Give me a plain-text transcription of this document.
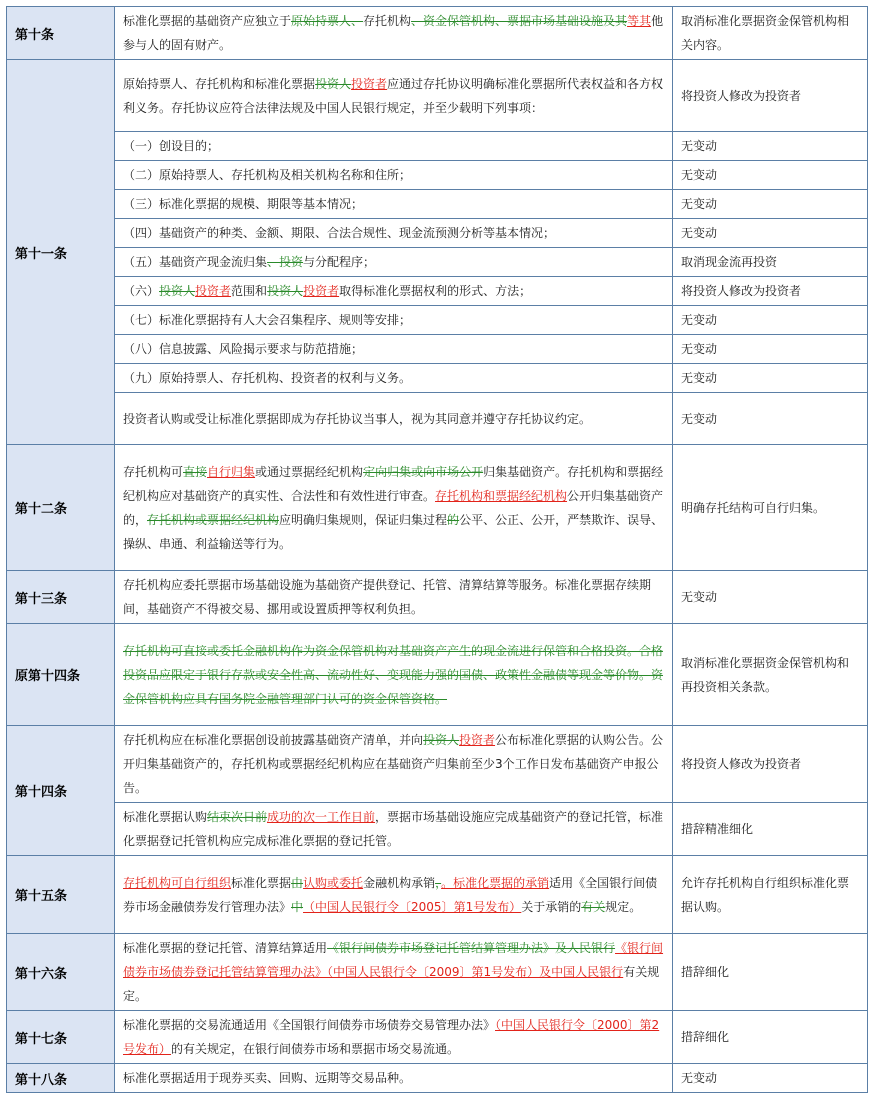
第十条	标准化票据的基础资产应独立于原始持票人、存托机构、资金保管机构、票据市场基础设施及其等其他参与人的固有财产。	取消标准化票据资金保管机构相关内容。
第十一条	原始持票人、存托机构和标准化票据投资人投资者应通过存托协议明确标准化票据所代表权益和各方权利义务。存托协议应符合法律法规及中国人民银行规定，并至少载明下列事项：	将投资人修改为投资者
	（一）创设目的；	无变动
	（二）原始持票人、存托机构及相关机构名称和住所；	无变动
	（三）标准化票据的规模、期限等基本情况；	无变动
	（四）基础资产的种类、金额、期限、合法合规性、现金流预测分析等基本情况；	无变动
	（五）基础资产现金流归集、投资与分配程序；	取消现金流再投资
	（六）投资人投资者范围和投资人投资者取得标准化票据权利的形式、方法；	将投资人修改为投资者
	（七）标准化票据持有人大会召集程序、规则等安排；	无变动
	（八）信息披露、风险揭示要求与防范措施；	无变动
	（九）原始持票人、存托机构、投资者的权利与义务。	无变动
	投资者认购或受让标准化票据即成为存托协议当事人，视为其同意并遵守存托协议约定。	无变动
第十二条	存托机构可直接自行归集或通过票据经纪机构定向归集或向市场公开归集基础资产。存托机构和票据经纪机构应对基础资产的真实性、合法性和有效性进行审查。存托机构和票据经纪机构公开归集基础资产的，存托机构或票据经纪机构应明确归集规则，保证归集过程的公平、公正、公开，严禁欺诈、误导、操纵、串通、利益输送等行为。	明确存托结构可自行归集。
第十三条	存托机构应委托票据市场基础设施为基础资产提供登记、托管、清算结算等服务。标准化票据存续期间，基础资产不得被交易、挪用或设置质押等权利负担。	无变动
原第十四条	存托机构可直接或委托金融机构作为资金保管机构对基础资产产生的现金流进行保管和合格投资。合格投资品应限定于银行存款或安全性高、流动性好、变现能力强的国债、政策性金融债等现金等价物。资金保管机构应具有国务院金融管理部门认可的资金保管资格。	取消标准化票据资金保管机构和再投资相关条款。
第十四条	存托机构应在标准化票据创设前披露基础资产清单，并向投资人投资者公布标准化票据的认购公告。公开归集基础资产的，存托机构或票据经纪机构应在基础资产归集前至少3个工作日发布基础资产申报公告。	将投资人修改为投资者
	标准化票据认购结束次日前成功的次一工作日前，票据市场基础设施应完成基础资产的登记托管，标准化票据登记托管机构应完成标准化票据的登记托管。	措辞精准细化
第十五条	存托机构可自行组织标准化票据由认购或委托金融机构承销，。标准化票据的承销适用《全国银行间债券市场金融债券发行管理办法》中（中国人民银行令〔2005〕第1号发布）关于承销的有关规定。	允许存托机构自行组织标准化票据认购。
第十六条	标准化票据的登记托管、清算结算适用《银行间债券市场登记托管结算管理办法》及人民银行《银行间债券市场债券登记托管结算管理办法》（中国人民银行令〔2009〕第1号发布）及中国人民银行有关规定。	措辞细化
第十七条	标准化票据的交易流通适用《全国银行间债券市场债券交易管理办法》（中国人民银行令〔2000〕第2号发布）的有关规定，在银行间债券市场和票据市场交易流通。	措辞细化
第十八条	标准化票据适用于现券买卖、回购、远期等交易品种。	无变动
